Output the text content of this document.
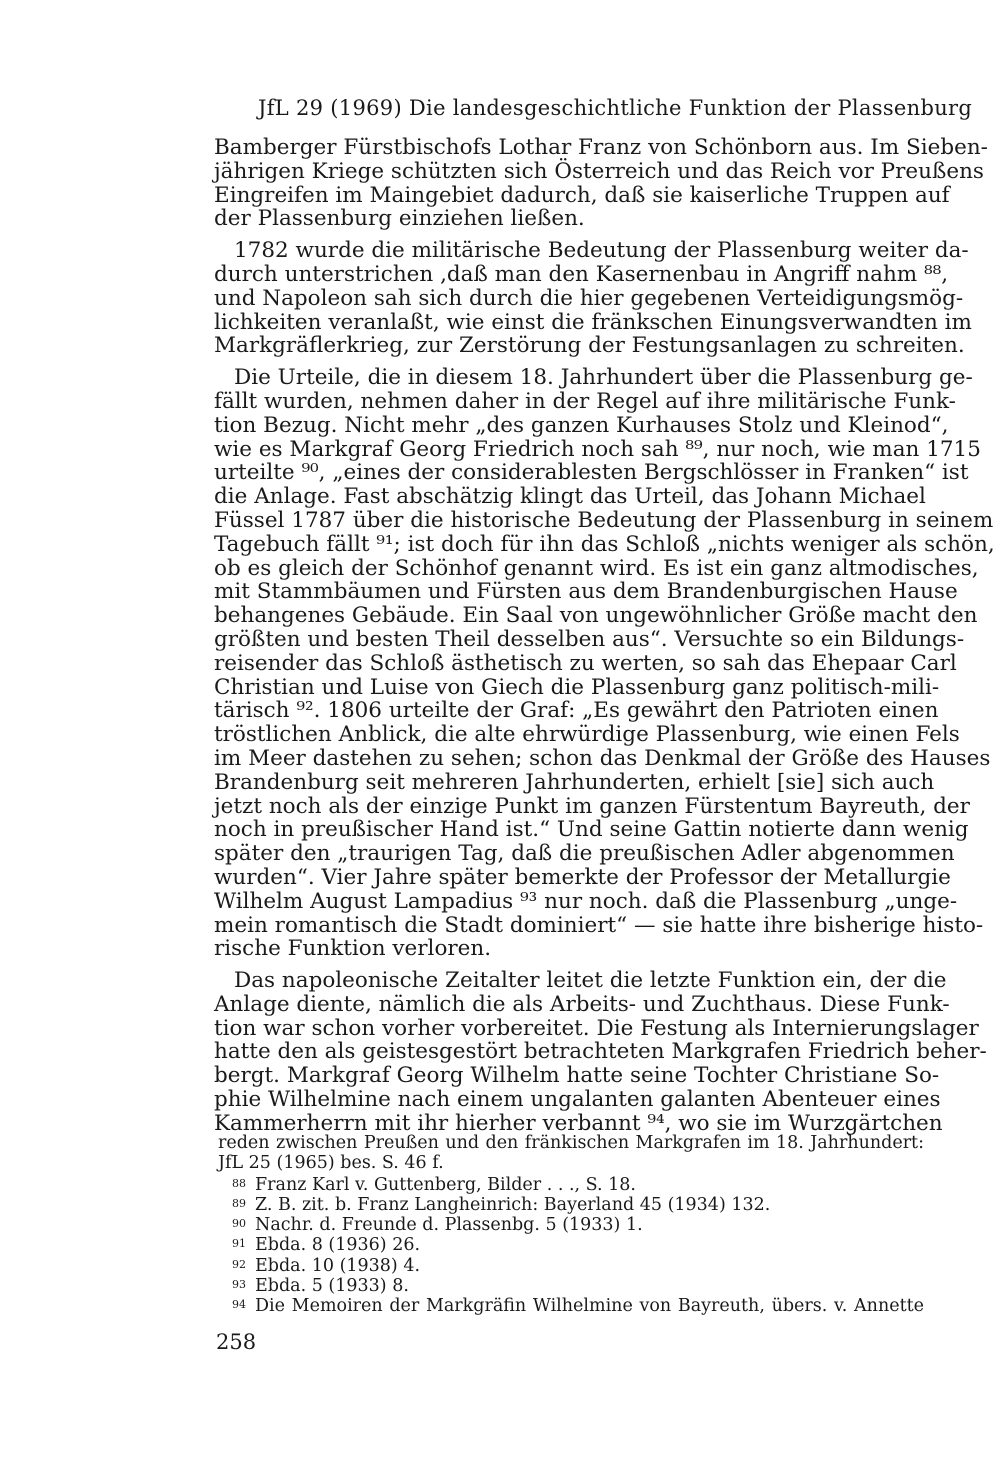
JfL 29 (1969) Die landesgeschichtliche Funktion der Plassenburg
Bamberger Fürstbischofs Lothar Franz von Schönborn aus. Im Sieben-
jährigen Kriege schützten sich Österreich und das Reich vor Preußens
Eingreifen im Maingebiet dadurch, daß sie kaiserliche Truppen auf
der Plassenburg einziehen ließen.
1782 wurde die militärische Bedeutung der Plassenburg weiter da-
durch unterstrichen ,daß man den Kasernenbau in Angriff nahm ⁸⁸,
und Napoleon sah sich durch die hier gegebenen Verteidigungsmög-
lichkeiten veranlaßt, wie einst die fränkschen Einungsverwandten im
Markgräflerkrieg, zur Zerstörung der Festungsanlagen zu schreiten.
Die Urteile, die in diesem 18. Jahrhundert über die Plassenburg ge-
fällt wurden, nehmen daher in der Regel auf ihre militärische Funk-
tion Bezug. Nicht mehr „des ganzen Kurhauses Stolz und Kleinod“,
wie es Markgraf Georg Friedrich noch sah ⁸⁹, nur noch, wie man 1715
urteilte ⁹⁰, „eines der considerablesten Bergschlösser in Franken“ ist
die Anlage. Fast abschätzig klingt das Urteil, das Johann Michael
Füssel 1787 über die historische Bedeutung der Plassenburg in seinem
Tagebuch fällt ⁹¹; ist doch für ihn das Schloß „nichts weniger als schön,
ob es gleich der Schönhof genannt wird. Es ist ein ganz altmodisches,
mit Stammbäumen und Fürsten aus dem Brandenburgischen Hause
behangenes Gebäude. Ein Saal von ungewöhnlicher Größe macht den
größten und besten Theil desselben aus“. Versuchte so ein Bildungs-
reisender das Schloß ästhetisch zu werten, so sah das Ehepaar Carl
Christian und Luise von Giech die Plassenburg ganz politisch-mili-
tärisch ⁹². 1806 urteilte der Graf: „Es gewährt den Patrioten einen
tröstlichen Anblick, die alte ehrwürdige Plassenburg, wie einen Fels
im Meer dastehen zu sehen; schon das Denkmal der Größe des Hauses
Brandenburg seit mehreren Jahrhunderten, erhielt [sie] sich auch
jetzt noch als der einzige Punkt im ganzen Fürstentum Bayreuth, der
noch in preußischer Hand ist.“ Und seine Gattin notierte dann wenig
später den „traurigen Tag, daß die preußischen Adler abgenommen
wurden“. Vier Jahre später bemerkte der Professor der Metallurgie
Wilhelm August Lampadius ⁹³ nur noch. daß die Plassenburg „unge-
mein romantisch die Stadt dominiert“ — sie hatte ihre bisherige histo-
rische Funktion verloren.
Das napoleonische Zeitalter leitet die letzte Funktion ein, der die
Anlage diente, nämlich die als Arbeits- und Zuchthaus. Diese Funk-
tion war schon vorher vorbereitet. Die Festung als Internierungslager
hatte den als geistesgestört betrachteten Markgrafen Friedrich beher-
bergt. Markgraf Georg Wilhelm hatte seine Tochter Christiane So-
phie Wilhelmine nach einem ungalanten galanten Abenteuer eines
Kammerherrn mit ihr hierher verbannt ⁹⁴, wo sie im Wurzgärtchen
reden zwischen Preußen und den fränkischen Markgrafen im 18. Jahrhundert:
JfL 25 (1965) bes. S. 46 f.
88 Franz Karl v. Guttenberg, Bilder . . ., S. 18.
89 Z. B. zit. b. Franz Langheinrich: Bayerland 45 (1934) 132.
90 Nachr. d. Freunde d. Plassenbg. 5 (1933) 1.
91 Ebda. 8 (1936) 26.
92 Ebda. 10 (1938) 4.
93 Ebda. 5 (1933) 8.
94 Die Memoiren der Markgräfin Wilhelmine von Bayreuth, übers. v. Annette
258
